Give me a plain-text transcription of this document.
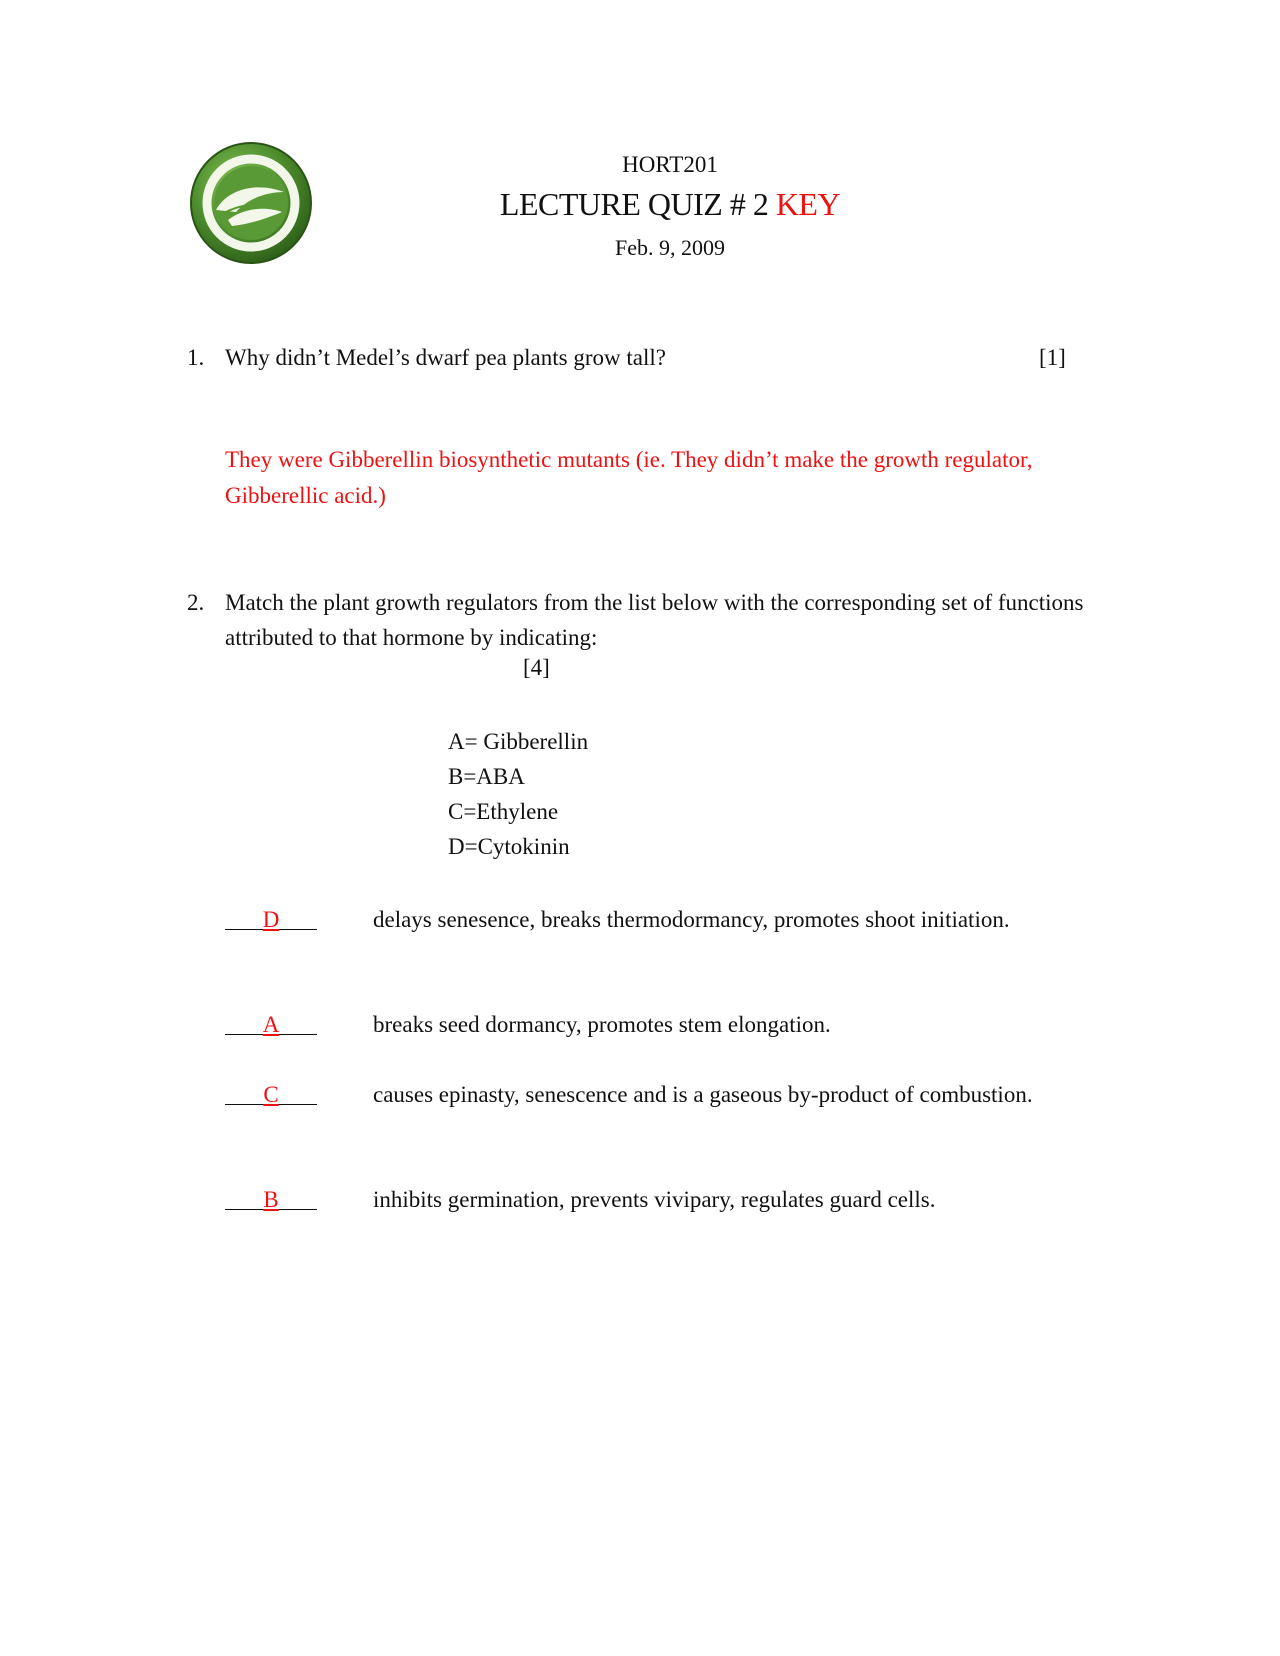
HORT201
LECTURE QUIZ # 2 KEY
Feb. 9, 2009
1. Why didn’t Medel’s dwarf pea plants grow tall?	[1]
They were Gibberellin biosynthetic mutants (ie. They didn’t make the growth regulator, Gibberellic acid.)
2. Match the plant growth regulators from the list below with the corresponding set of functions attributed to that hormone by indicating:
[4]
A= Gibberellin
B=ABA
C=Ethylene
D=Cytokinin
D	delays senesence, breaks thermodormancy, promotes shoot initiation.
A	breaks seed dormancy, promotes stem elongation.
C	causes epinasty, senescence and is a gaseous by-product of combustion.
B	inhibits germination, prevents vivipary, regulates guard cells.
